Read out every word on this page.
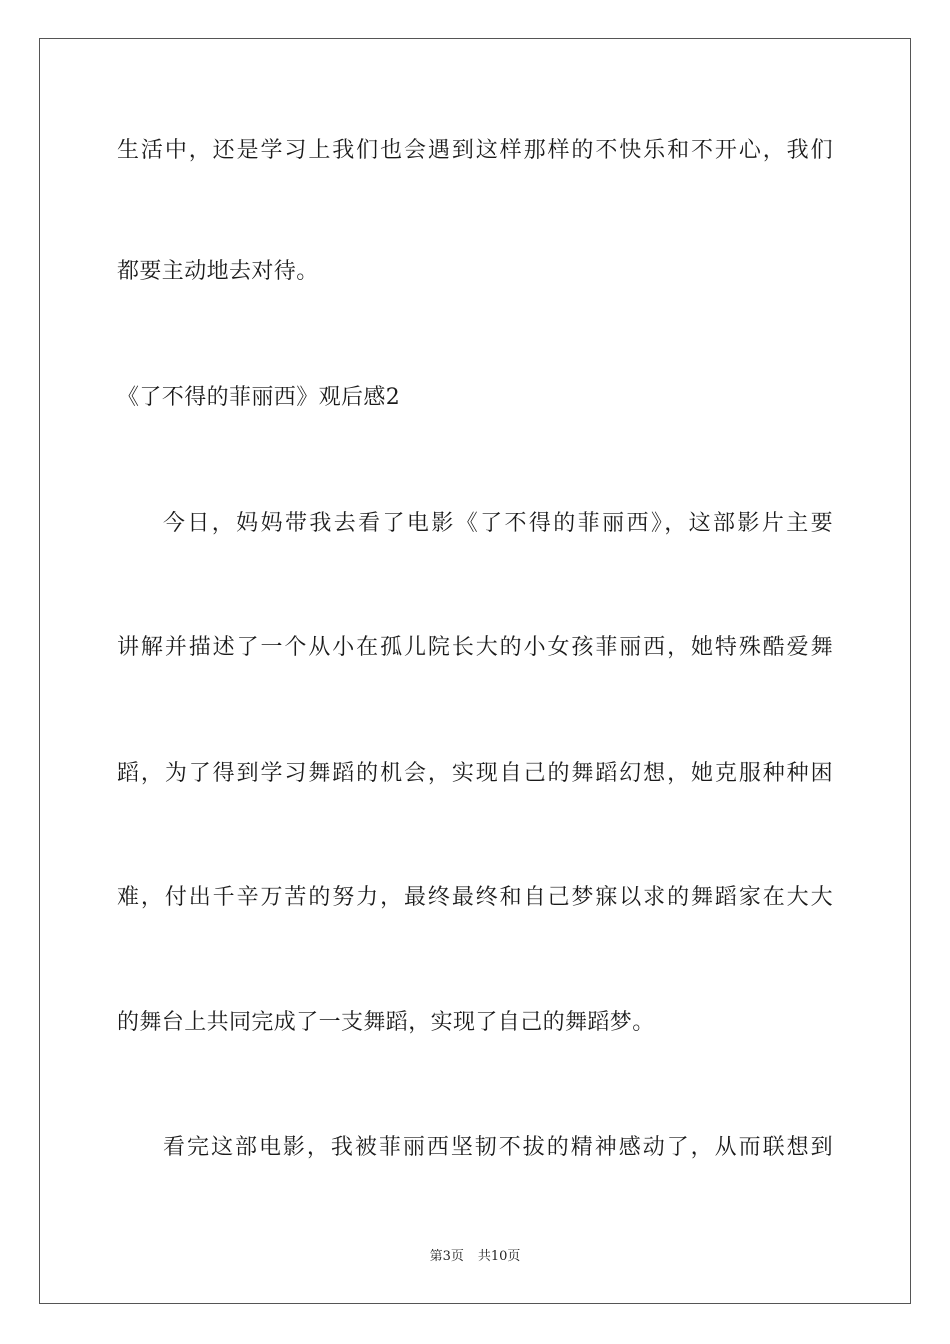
生活中，还是学习上我们也会遇到这样那样的不快乐和不开心，我们
都要主动地去对待。
《了不得的菲丽西》观后感2
今日，妈妈带我去看了电影《了不得的菲丽西》，这部影片主要
讲解并描述了一个从小在孤儿院长大的小女孩菲丽西，她特殊酷爱舞
蹈，为了得到学习舞蹈的机会，实现自己的舞蹈幻想，她克服种种困
难，付出千辛万苦的努力，最终最终和自己梦寐以求的舞蹈家在大大
的舞台上共同完成了一支舞蹈，实现了自己的舞蹈梦。
看完这部电影，我被菲丽西坚韧不拔的精神感动了，从而联想到
第3页 共10页
